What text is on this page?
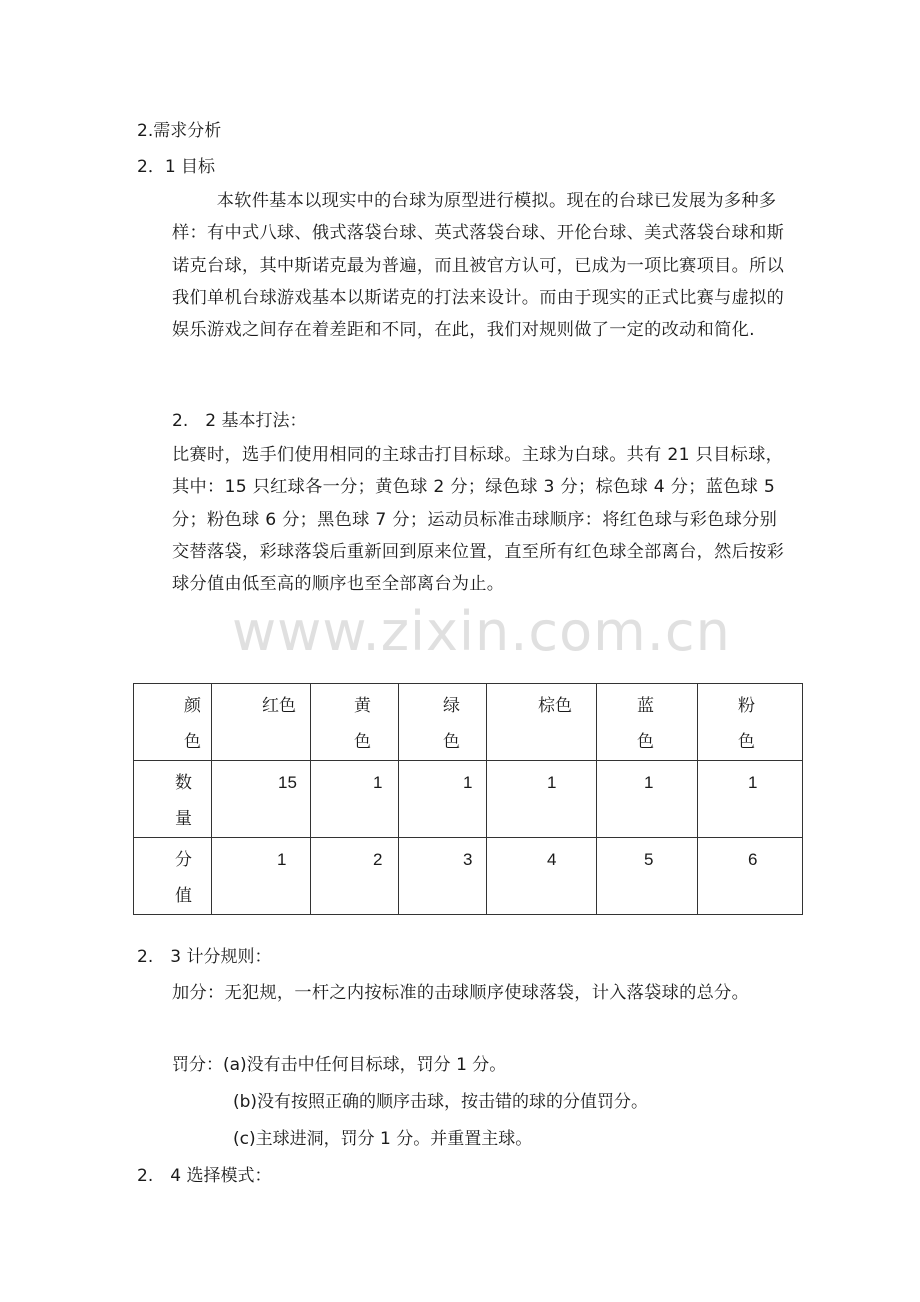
2.需求分析
2．1 目标
本软件基本以现实中的台球为原型进行模拟。现在的台球已发展为多种多样：有中式八球、俄式落袋台球、英式落袋台球、开伦台球、美式落袋台球和斯诺克台球，其中斯诺克最为普遍，而且被官方认可，已成为一项比赛项目。所以我们单机台球游戏基本以斯诺克的打法来设计。而由于现实的正式比赛与虚拟的娱乐游戏之间存在着差距和不同，在此，我们对规则做了一定的改动和简化.
2.　2 基本打法：
比赛时，选手们使用相同的主球击打目标球。主球为白球。共有 21 只目标球，其中：15 只红球各一分；黄色球 2 分；绿色球 3 分；棕色球 4 分；蓝色球 5 分；粉色球 6 分；黑色球 7 分；运动员标准击球顺序：将红色球与彩色球分别交替落袋，彩球落袋后重新回到原来位置，直至所有红色球全部离台，然后按彩球分值由低至高的顺序也至全部离台为止。
www.zixin.com.cn
颜色	红色	黄色	绿色	棕色	蓝色	粉色

数量	15	1	1	1	1	1

分值	1	2	3	4	5	6
2.　3 计分规则：
加分：无犯规，一杆之内按标准的击球顺序使球落袋，计入落袋球的总分。
罚分：(a)没有击中任何目标球，罚分 1 分。
(b)没有按照正确的顺序击球，按击错的球的分值罚分。
(c)主球进洞，罚分 1 分。并重置主球。
2.　4 选择模式：
